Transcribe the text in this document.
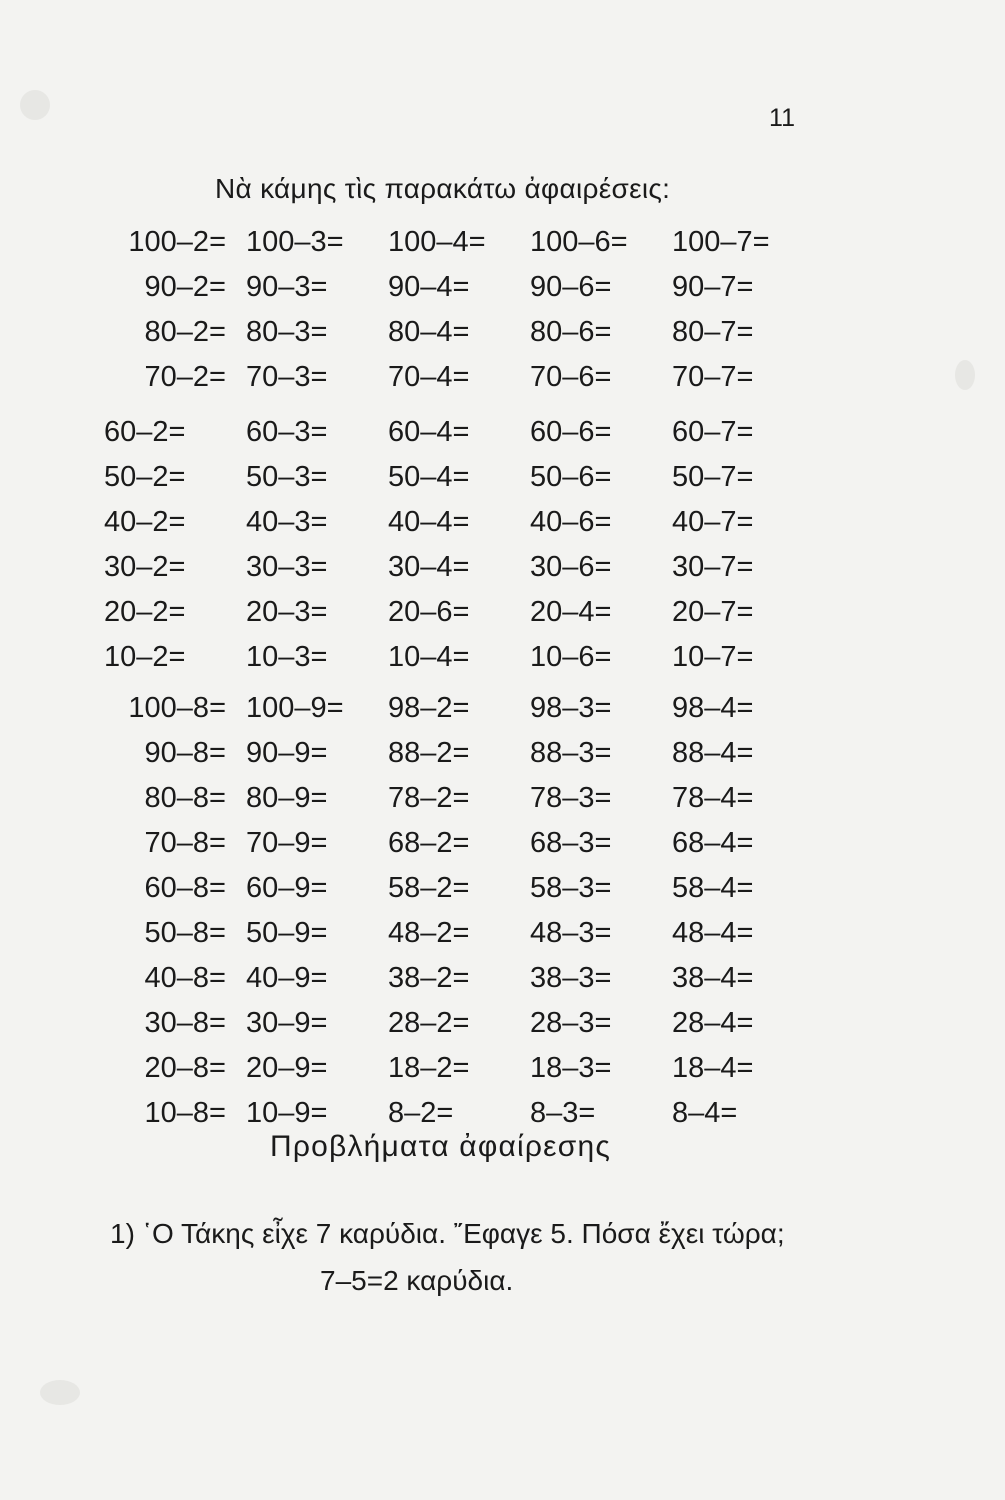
11
Νὰ κάμης τὶς παρακάτω ἀφαιρέσεις:
100–2= 100–3=	100–4=	100–6=	100–7=
90–2= 90–3=	90–4=	90–6=	90–7=
80–2= 80–3=	80–4=	80–6=	80–7=
70–2= 70–3=	70–4=	70–6=	70–7=
60–2=	60–3=	60–4=	60–6=	60–7=
50–2=	50–3=	50–4=	50–6=	50–7=
40–2=	40–3=	40–4=	40–6=	40–7=
30–2=	30–3=	30–4=	30–6=	30–7=
20–2=	20–3=	20–6=	20–4=	20–7=
10–2=	10–3=	10–4=	10–6=	10–7=
100–8= 100–9=	98–2=	98–3=	98–4=
90–8= 90–9=	88–2=	88–3=	88–4=
80–8= 80–9=	78–2=	78–3=	78–4=
70–8= 70–9=	68–2=	68–3=	68–4=
60–8= 60–9=	58–2=	58–3=	58–4=
50–8= 50–9=	48–2=	48–3=	48–4=
40–8= 40–9=	38–2=	38–3=	38–4=
30–8= 30–9=	28–2=	28–3=	28–4=
20–8= 20–9=	18–2=	18–3=	18–4=
10–8= 10–9=	8–2=	8–3=	8–4=
Προβλήματα ἀφαίρεσης
1) ῾Ο Τάκης εἶχε 7 καρύδια. ῎Εφαγε 5. Πόσα ἔχει τώρα;
7–5=2 καρύδια.
